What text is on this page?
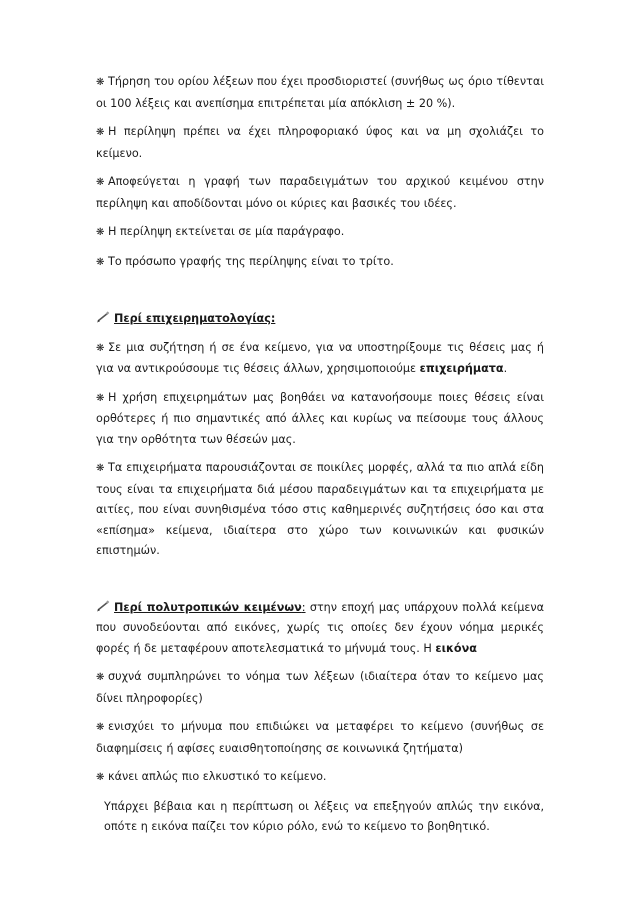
❋ Τήρηση του ορίου λέξεων που έχει προσδιοριστεί (συνήθως ως όριο τίθενται οι 100 λέξεις και ανεπίσημα επιτρέπεται μία απόκλιση ± 20 %).

❋ Η περίληψη πρέπει να έχει πληροφοριακό ύφος και να μη σχολιάζει το κείμενο.

❋ Αποφεύγεται η γραφή των παραδειγμάτων του αρχικού κειμένου στην περίληψη και αποδίδονται μόνο οι κύριες και βασικές του ιδέες.

❋ Η περίληψη εκτείνεται σε μία παράγραφο.

❋ Το πρόσωπο γραφής της περίληψης είναι το τρίτο.

Περί επιχειρηματολογίας:

❋ Σε μια συζήτηση ή σε ένα κείμενο, για να υποστηρίξουμε τις θέσεις μας ή για να αντικρούσουμε τις θέσεις άλλων, χρησιμοποιούμε επιχειρήματα.

❋ Η χρήση επιχειρημάτων μας βοηθάει να κατανοήσουμε ποιες θέσεις είναι ορθότερες ή πιο σημαντικές από άλλες και κυρίως να πείσουμε τους άλλους για την ορθότητα των θέσεών μας.

❋ Τα επιχειρήματα παρουσιάζονται σε ποικίλες μορφές, αλλά τα πιο απλά είδη τους είναι τα επιχειρήματα διά μέσου παραδειγμάτων και τα επιχειρήματα με αιτίες, που είναι συνηθισμένα τόσο στις καθημερινές συζητήσεις όσο και στα «επίσημα» κείμενα, ιδιαίτερα στο χώρο των κοινωνικών και φυσικών επιστημών.

Περί πολυτροπικών κειμένων: στην εποχή μας υπάρχουν πολλά κείμενα που συνοδεύονται από εικόνες, χωρίς τις οποίες δεν έχουν νόημα μερικές φορές ή δε μεταφέρουν αποτελεσματικά το μήνυμά τους. Η εικόνα

❋ συχνά συμπληρώνει το νόημα των λέξεων (ιδιαίτερα όταν το κείμενο μας δίνει πληροφορίες)

❋ ενισχύει το μήνυμα που επιδιώκει να μεταφέρει το κείμενο (συνήθως σε διαφημίσεις ή αφίσες ευαισθητοποίησης σε κοινωνικά ζητήματα)

❋ κάνει απλώς πιο ελκυστικό το κείμενο.

Υπάρχει βέβαια και η περίπτωση οι λέξεις να επεξηγούν απλώς την εικόνα, οπότε η εικόνα παίζει τον κύριο ρόλο, ενώ το κείμενο το βοηθητικό.
